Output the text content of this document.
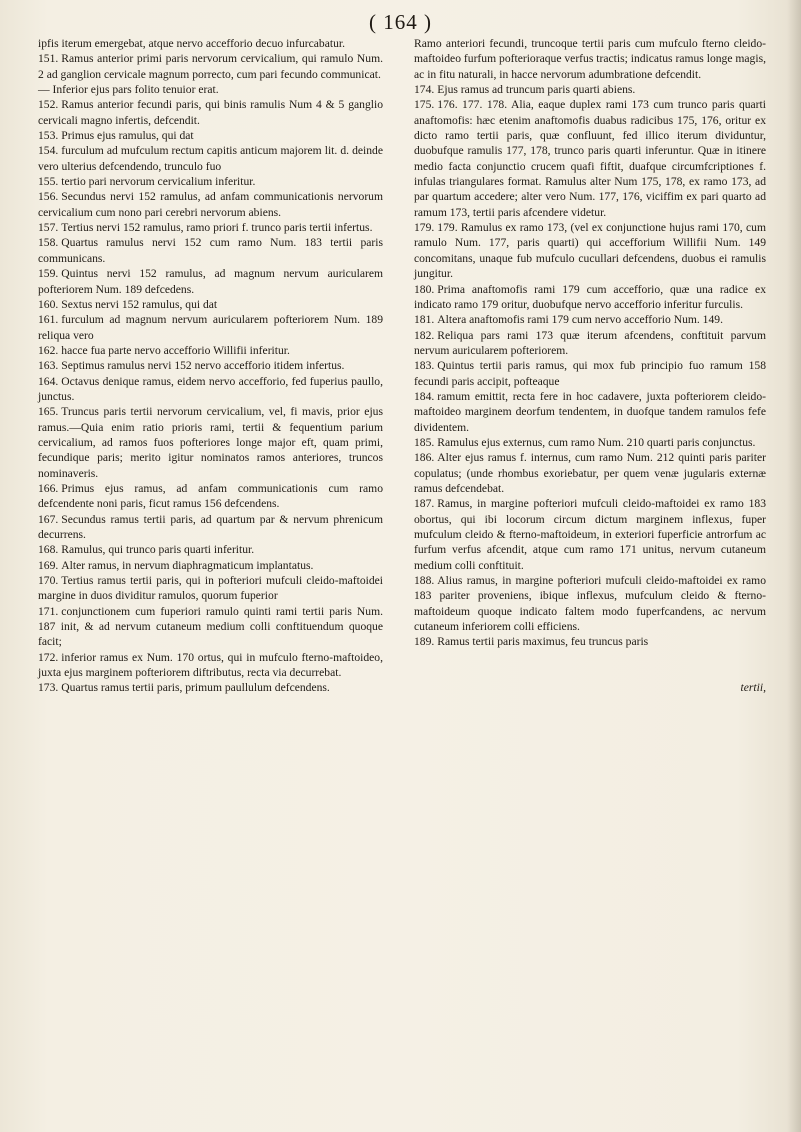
( 164 )

ipfis iterum emergebat, atque nervo accefforio decuo infurcabatur.

151. Ramus anterior primi paris nervorum cervicalium, qui ramulo Num. 2 ad ganglion cervicale magnum porrecto, cum pari fecundo communicat.

— Inferior ejus pars folito tenuior erat.

152. Ramus anterior fecundi paris, qui binis ramulis Num 4 & 5 ganglio cervicali magno infertis, defcendit.

153. Primus ejus ramulus, qui dat

154. furculum ad mufculum rectum capitis anticum majorem lit. d. deinde vero ulterius defcendendo, trunculo fuo

155. tertio pari nervorum cervicalium inferitur.

156. Secundus nervi 152 ramulus, ad anfam communicationis nervorum cervicalium cum nono pari cerebri nervorum abiens.

157. Tertius nervi 152 ramulus, ramo priori f. trunco paris tertii infertus.

158. Quartus ramulus nervi 152 cum ramo Num. 183 tertii paris communicans.

159. Quintus nervi 152 ramulus, ad magnum nervum auricularem pofteriorem Num. 189 defcedens.

160. Sextus nervi 152 ramulus, qui dat

161. furculum ad magnum nervum auricularem pofteriorem Num. 189 reliqua vero

162. hacce fua parte nervo accefforio Willifii inferitur.

163. Septimus ramulus nervi 152 nervo accefforio itidem infertus.

164. Octavus denique ramus, eidem nervo accefforio, fed fuperius paullo, junctus.

165. Truncus paris tertii nervorum cervicalium, vel, fi mavis, prior ejus ramus.—Quia enim ratio prioris rami, tertii & fequentium parium cervicalium, ad ramos fuos pofteriores longe major eft, quam primi, fecundique paris; merito igitur nominatos ramos anteriores, truncos nominaveris.

166. Primus ejus ramus, ad anfam communicationis cum ramo defcendente noni paris, ficut ramus 156 defcendens.

167. Secundus ramus tertii paris, ad quartum par & nervum phrenicum decurrens.

168. Ramulus, qui trunco paris quarti inferitur.

169. Alter ramus, in nervum diaphragmaticum implantatus.

170. Tertius ramus tertii paris, qui in pofteriori mufculi cleido-maftoidei margine in duos dividitur ramulos, quorum fuperior

171. conjunctionem cum fuperiori ramulo quinti rami tertii paris Num. 187 init, & ad nervum cutaneum medium colli conftituendum quoque facit;

172. inferior ramus ex Num. 170 ortus, qui in mufculo fterno-maftoideo, juxta ejus marginem pofteriorem diftributus, recta via decurrebat.

173. Quartus ramus tertii paris, primum paullulum defcendens.

Ramo anteriori fecundi, truncoque tertii paris cum mufculo fterno cleido-maftoideo furfum pofterioraque verfus tractis; indicatus ramus longe magis, ac in fitu naturali, in hacce nervorum adumbratione defcendit.

174. Ejus ramus ad truncum paris quarti abiens.

175. 176. 177. 178. Alia, eaque duplex rami 173 cum trunco paris quarti anaftomofis: hæc etenim anaftomofis duabus radicibus 175, 176, oritur ex dicto ramo tertii paris, quæ confluunt, fed illico iterum dividuntur, duobufque ramulis 177, 178, trunco paris quarti inferuntur. Quæ in itinere medio facta conjunctio crucem quafi fiftit, duafque circumfcriptiones f. infulas triangulares format. Ramulus alter Num 175, 178, ex ramo 173, ad par quartum accedere; alter vero Num. 177, 176, viciffim ex pari quarto ad ramum 173, tertii paris afcendere videtur.

179. 179. Ramulus ex ramo 173, (vel ex conjunctione hujus rami 170, cum ramulo Num. 177, paris quarti) qui accefforium Willifii Num. 149 concomitans, unaque fub mufculo cucullari defcendens, duobus ei ramulis jungitur.

180. Prima anaftomofis rami 179 cum accefforio, quæ una radice ex indicato ramo 179 oritur, duobufque nervo accefforio inferitur furculis.

181. Altera anaftomofis rami 179 cum nervo accefforio Num. 149.

182. Reliqua pars rami 173 quæ iterum afcendens, conftituit parvum nervum auricularem pofteriorem.

183. Quintus tertii paris ramus, qui mox fub principio fuo ramum 158 fecundi paris accipit, pofteaque

184. ramum emittit, recta fere in hoc cadavere, juxta pofteriorem cleido-maftoideo marginem deorfum tendentem, in duofque tandem ramulos fefe dividentem.

185. Ramulus ejus externus, cum ramo Num. 210 quarti paris conjunctus.

186. Alter ejus ramus f. internus, cum ramo Num. 212 quinti paris pariter copulatus; (unde rhombus exoriebatur, per quem venæ jugularis externæ ramus defcendebat.

187. Ramus, in margine pofteriori mufculi cleido-maftoidei ex ramo 183 obortus, qui ibi locorum circum dictum marginem inflexus, fuper mufculum cleido & fterno-maftoideum, in exteriori fuperficie antrorfum ac furfum verfus afcendit, atque cum ramo 171 unitus, nervum cutaneum medium colli conftituit.

188. Alius ramus, in margine pofteriori mufculi cleido-maftoidei ex ramo 183 pariter proveniens, ibique inflexus, mufculum cleido & fterno-maftoideum quoque indicato faltem modo fuperfcandens, ac nervum cutaneum inferiorem colli efficiens.

189. Ramus tertii paris maximus, feu truncus paris

tertii,
